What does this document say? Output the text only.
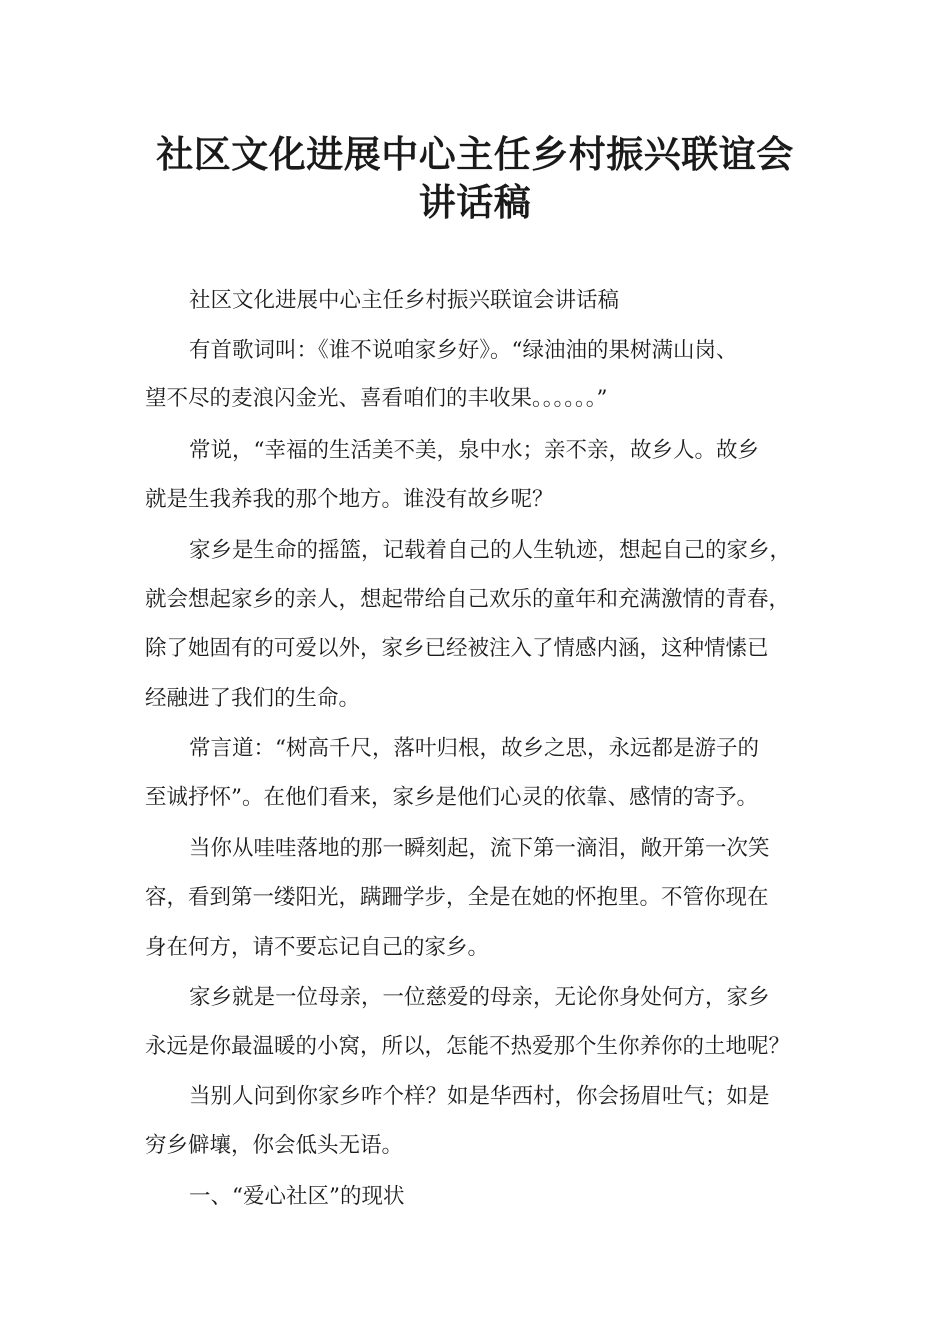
社区文化进展中心主任乡村振兴联谊会
讲话稿

社区文化进展中心主任乡村振兴联谊会讲话稿

有首歌词叫：《谁不说咱家乡好》。“绿油油的果树满山岗、

望不尽的麦浪闪金光、喜看咱们的丰收果。。。。。。”

常说，“幸福的生活美不美，泉中水；亲不亲，故乡人。故乡

就是生我养我的那个地方。谁没有故乡呢？

家乡是生命的摇篮，记载着自己的人生轨迹，想起自己的家乡，

就会想起家乡的亲人，想起带给自己欢乐的童年和充满激情的青春，

除了她固有的可爱以外，家乡已经被注入了情感内涵，这种情愫已

经融进了我们的生命。

常言道：“树高千尺，落叶归根，故乡之思，永远都是游子的

至诚抒怀”。在他们看来，家乡是他们心灵的依靠、感情的寄予。

当你从哇哇落地的那一瞬刻起，流下第一滴泪，敞开第一次笑

容，看到第一缕阳光，蹒跚学步，全是在她的怀抱里。不管你现在

身在何方，请不要忘记自己的家乡。

家乡就是一位母亲，一位慈爱的母亲，无论你身处何方，家乡

永远是你最温暖的小窝，所以，怎能不热爱那个生你养你的土地呢？

当别人问到你家乡咋个样？如是华西村，你会扬眉吐气；如是

穷乡僻壤，你会低头无语。

一、“爱心社区”的现状
